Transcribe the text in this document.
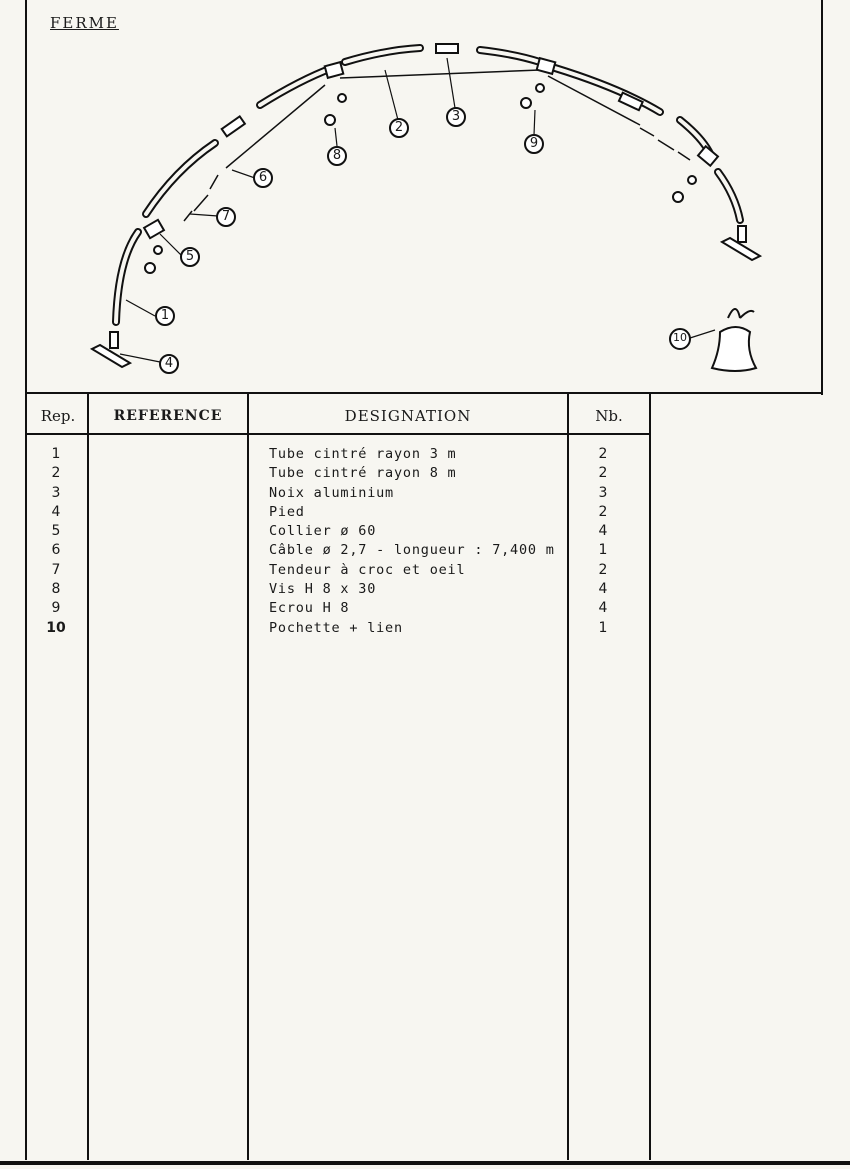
FERME
1
2
3
4
5
6
7
8
9
10
Rep.	REFERENCE	DESIGNATION	Nb.
1	Tube cintré rayon 3 m	2
2	Tube cintré rayon 8 m	2
3	Noix aluminium	3
4	Pied	2
5	Collier ø 60	4
6	Câble ø 2,7 - longueur : 7,400 m	1
7	Tendeur à croc et oeil	2
8	Vis H 8 x 30	4
9	Ecrou H 8	4
10	Pochette + lien	1
